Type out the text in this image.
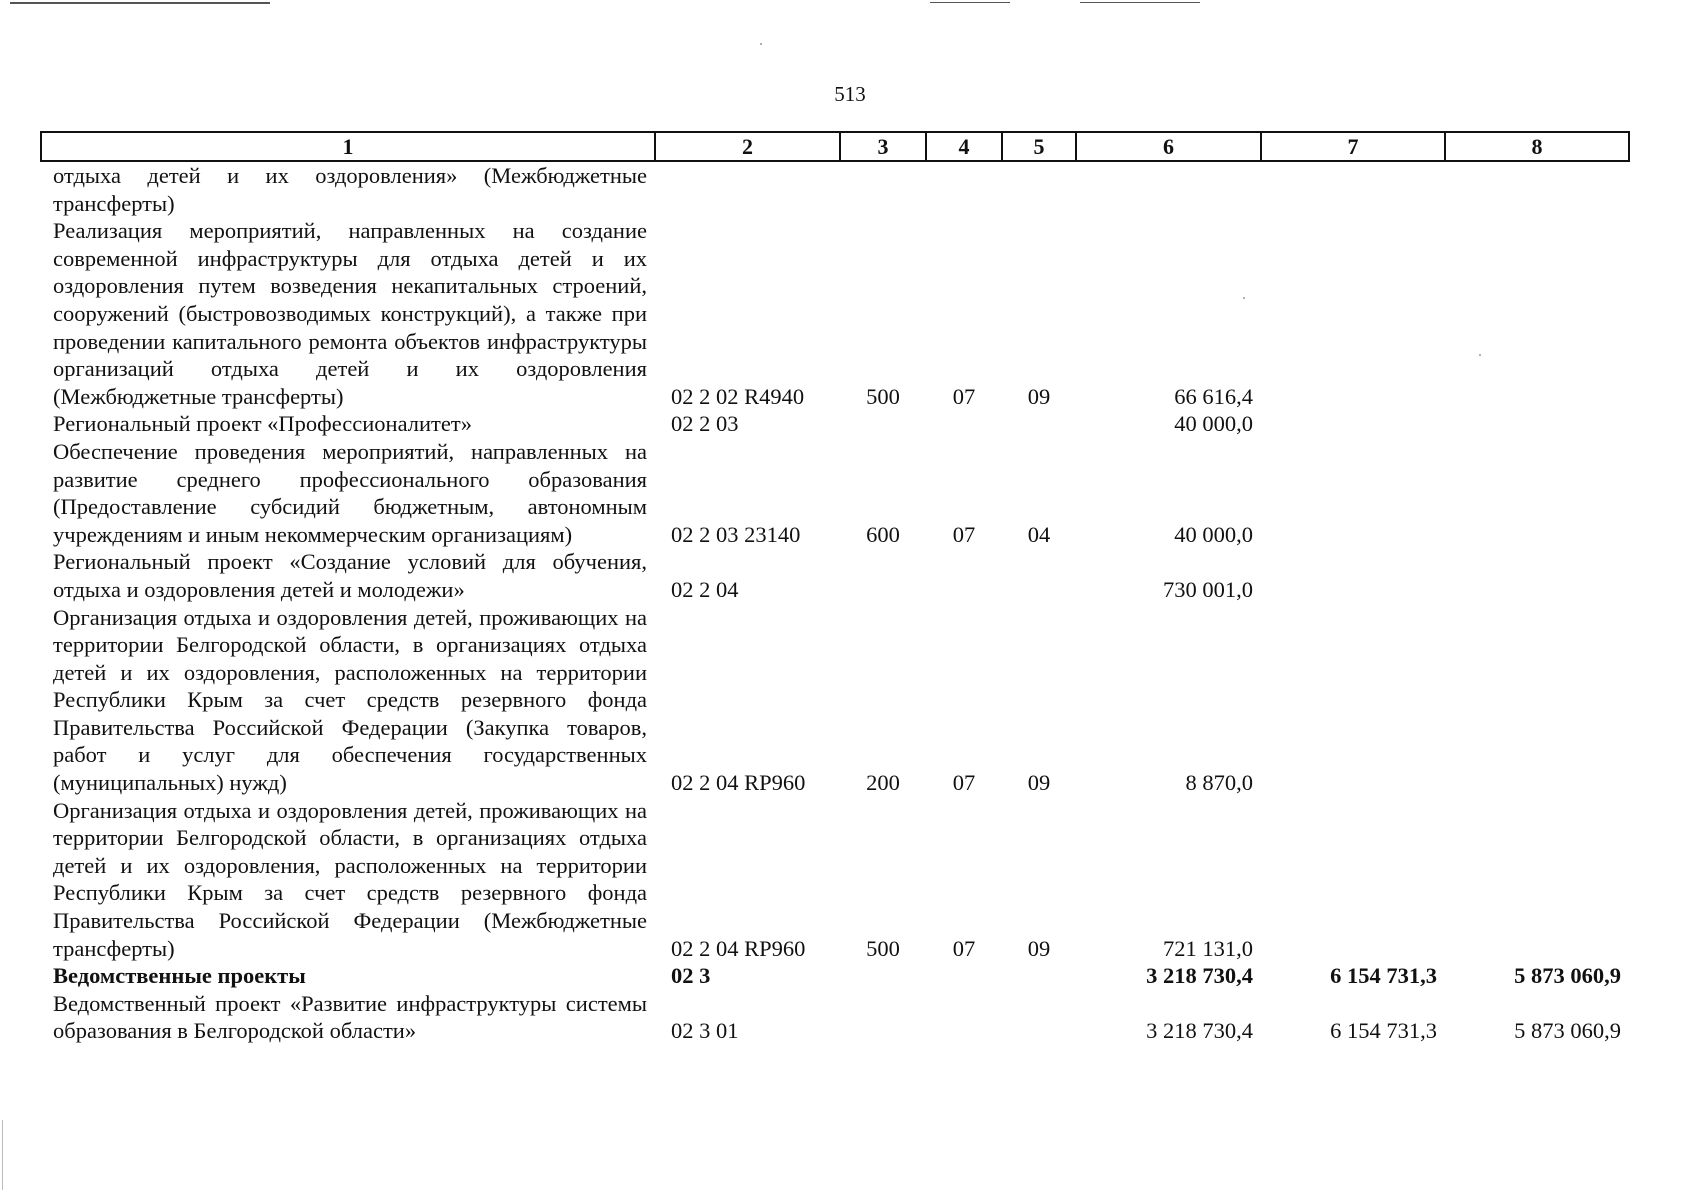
513
1	2	3	4	5	6	7	8
отдыха детей и их оздоровления» (Межбюджетные трансферты)							
Реализация мероприятий, направленных на создание современной инфраструктуры для отдыха детей и их оздоровления путем возведения некапитальных строений, сооружений (быстровозводимых конструкций), а также при проведении капитального ремонта объектов инфраструктуры организаций отдыха детей и их оздоровления (Межбюджетные трансферты)	02 2 02 R4940	500	07	09	66 616,4		
Региональный проект «Профессионалитет»	02 2 03				40 000,0		
Обеспечение проведения мероприятий, направленных на развитие среднего профессионального образования (Предоставление субсидий бюджетным, автономным учреждениям и иным некоммерческим организациям)	02 2 03 23140	600	07	04	40 000,0		
Региональный проект «Создание условий для обучения, отдыха и оздоровления детей и молодежи»	02 2 04				730 001,0		
Организация отдыха и оздоровления детей, проживающих на территории Белгородской области, в организациях отдыха детей и их оздоровления, расположенных на территории Республики Крым за счет средств резервного фонда Правительства Российской Федерации (Закупка товаров, работ и услуг для обеспечения государственных (муниципальных) нужд)	02 2 04 RP960	200	07	09	8 870,0		
Организация отдыха и оздоровления детей, проживающих на территории Белгородской области, в организациях отдыха детей и их оздоровления, расположенных на территории Республики Крым за счет средств резервного фонда Правительства Российской Федерации (Межбюджетные трансферты)	02 2 04 RP960	500	07	09	721 131,0		
Ведомственные проекты	02 3				3 218 730,4	6 154 731,3	5 873 060,9
Ведомственный проект «Развитие инфраструктуры системы образования в Белгородской области»	02 3 01				3 218 730,4	6 154 731,3	5 873 060,9
